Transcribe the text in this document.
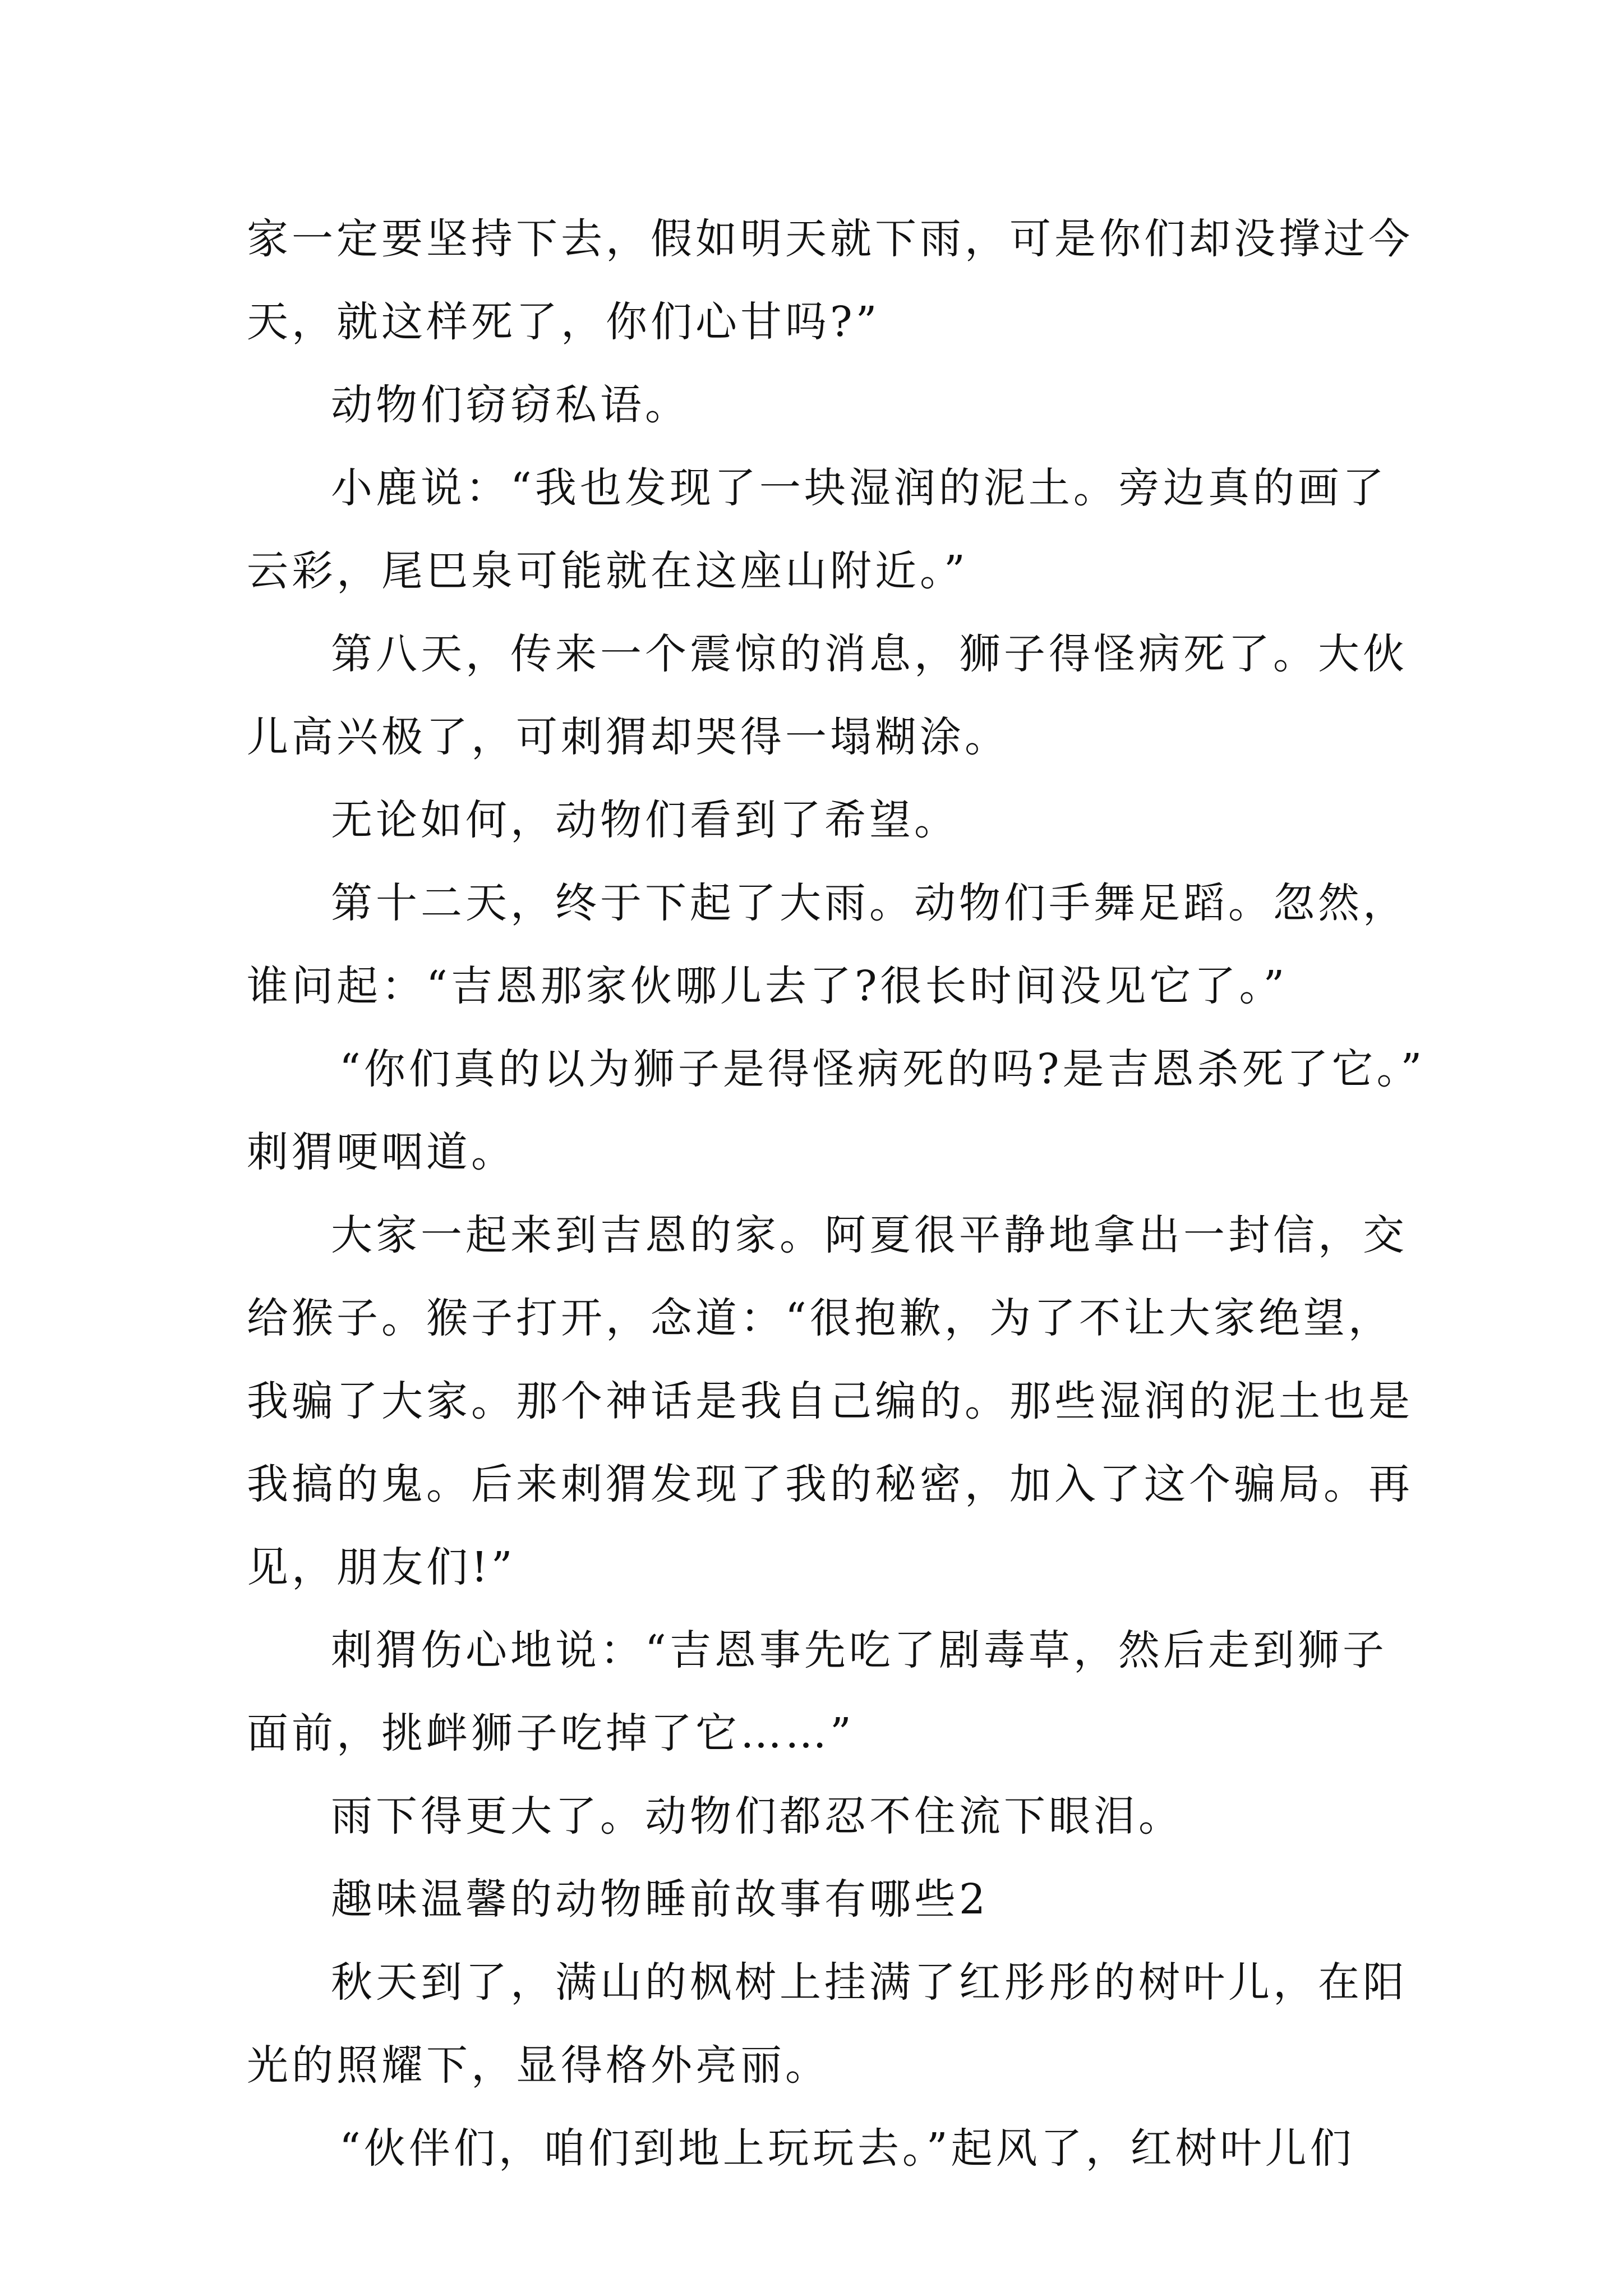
家一定要坚持下去，假如明天就下雨，可是你们却没撑过今
天，就这样死了，你们心甘吗?”
动物们窃窃私语。
小鹿说：“我也发现了一块湿润的泥土。旁边真的画了
云彩，尾巴泉可能就在这座山附近。”
第八天，传来一个震惊的消息，狮子得怪病死了。大伙
儿高兴极了，可刺猬却哭得一塌糊涂。
无论如何，动物们看到了希望。
第十二天，终于下起了大雨。动物们手舞足蹈。忽然，
谁问起：“吉恩那家伙哪儿去了?很长时间没见它了。”
“你们真的以为狮子是得怪病死的吗?是吉恩杀死了它。”
刺猬哽咽道。
大家一起来到吉恩的家。阿夏很平静地拿出一封信，交
给猴子。猴子打开，念道：“很抱歉，为了不让大家绝望，
我骗了大家。那个神话是我自己编的。那些湿润的泥土也是
我搞的鬼。后来刺猬发现了我的秘密，加入了这个骗局。再
见，朋友们!”
刺猬伤心地说：“吉恩事先吃了剧毒草，然后走到狮子
面前，挑衅狮子吃掉了它……”
雨下得更大了。动物们都忍不住流下眼泪。
趣味温馨的动物睡前故事有哪些2
秋天到了，满山的枫树上挂满了红彤彤的树叶儿，在阳
光的照耀下，显得格外亮丽。
“伙伴们，咱们到地上玩玩去。”起风了，红树叶儿们
